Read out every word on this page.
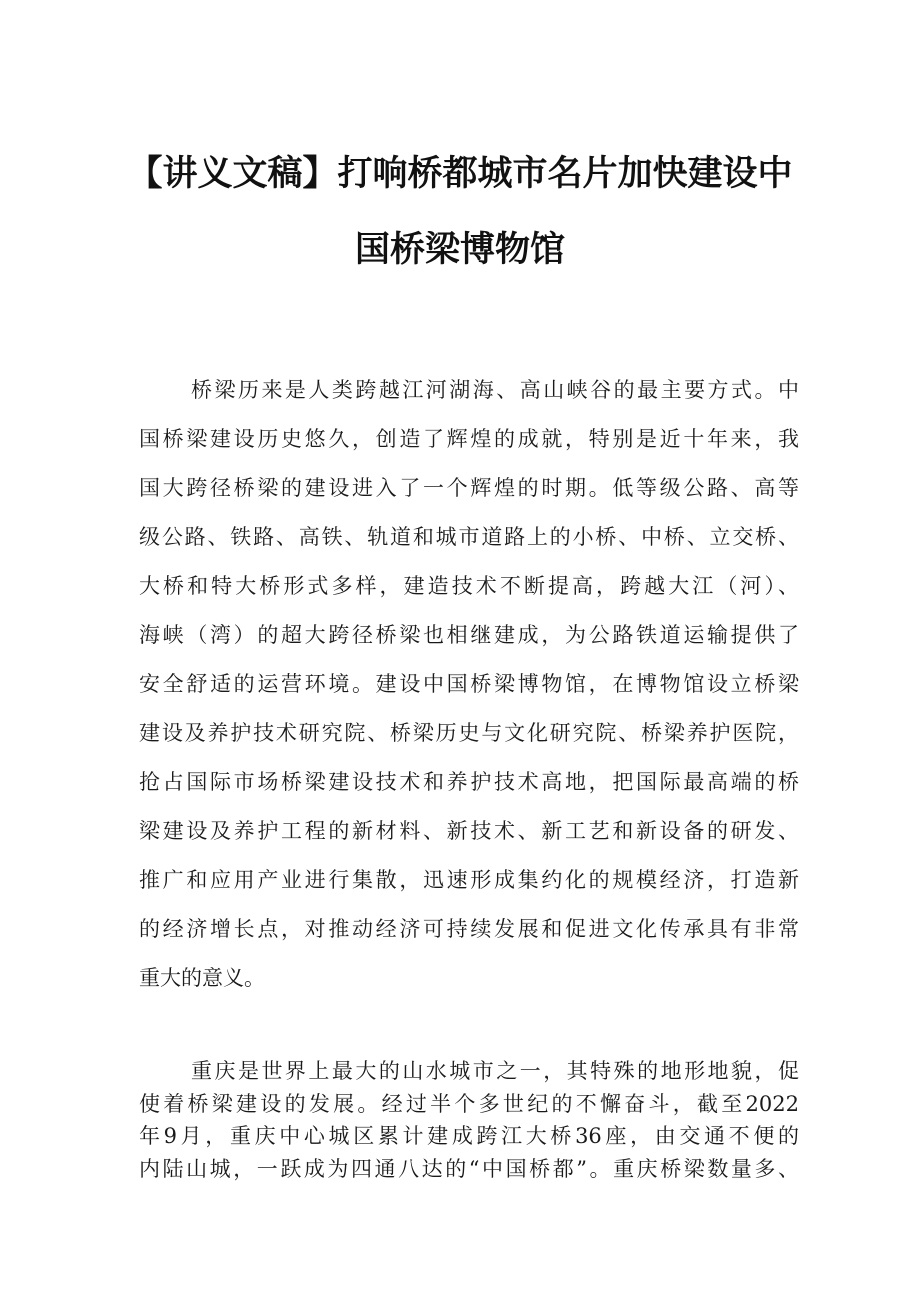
【讲义文稿】打响桥都城市名片加快建设中
国桥梁博物馆
桥梁历来是人类跨越江河湖海、高山峡谷的最主要方式。中
国桥梁建设历史悠久，创造了辉煌的成就，特别是近十年来，我
国大跨径桥梁的建设进入了一个辉煌的时期。低等级公路、高等
级公路、铁路、高铁、轨道和城市道路上的小桥、中桥、立交桥、
大桥和特大桥形式多样，建造技术不断提高，跨越大江（河）、
海峡（湾）的超大跨径桥梁也相继建成，为公路铁道运输提供了
安全舒适的运营环境。建设中国桥梁博物馆，在博物馆设立桥梁
建设及养护技术研究院、桥梁历史与文化研究院、桥梁养护医院，
抢占国际市场桥梁建设技术和养护技术高地，把国际最高端的桥
梁建设及养护工程的新材料、新技术、新工艺和新设备的研发、
推广和应用产业进行集散，迅速形成集约化的规模经济，打造新
的经济增长点，对推动经济可持续发展和促进文化传承具有非常
重大的意义。
重庆是世界上最大的山水城市之一，其特殊的地形地貌，促
使着桥梁建设的发展。经过半个多世纪的不懈奋斗，截至2022
年9月，重庆中心城区累计建成跨江大桥36座，由交通不便的
内陆山城，一跃成为四通八达的“中国桥都”。重庆桥梁数量多、
